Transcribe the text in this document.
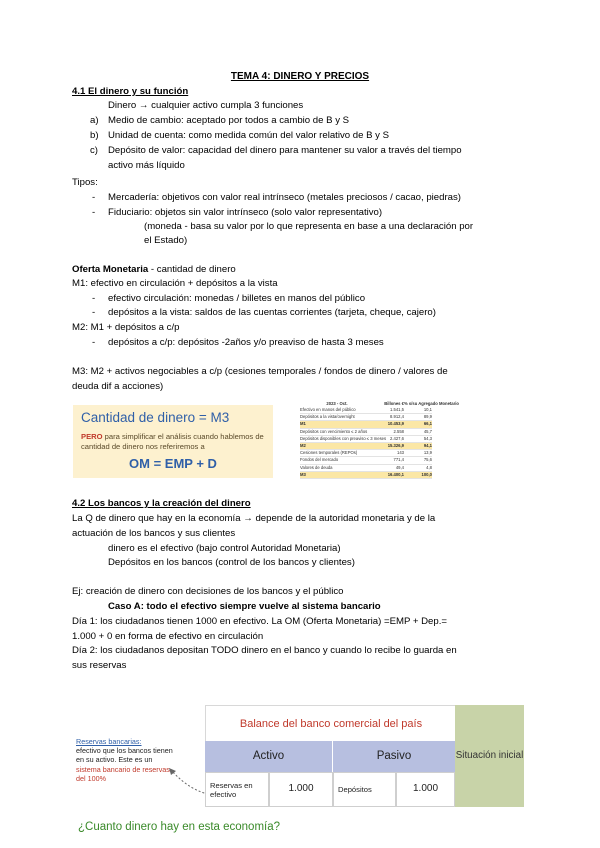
TEMA 4: DINERO Y PRECIOS
4.1 El dinero y su función
Dinero → cualquier activo cumpla 3 funciones
a) Medio de cambio: aceptado por todos a cambio de B y S
b) Unidad de cuenta: como medida común del valor relativo de B y S
c)	Depósito de valor: capacidad del dinero para mantener su valor a través del tiempo
activo más líquido
Tipos:
-	Mercadería: objetivos con valor real intrínseco (metales preciosos / cacao, piedras)
-	Fiduciario: objetos sin valor intrínseco (solo valor representativo)
(moneda - basa su valor por lo que representa en base a una declaración por
el Estado)
Oferta Monetaria - cantidad de dinero
M1: efectivo en circulación + depósitos a la vista
-	efectivo circulación: monedas / billetes en manos del público
-	depósitos a la vista: saldos de las cuentas corrientes (tarjeta, cheque, cajero)
M2: M1 + depósitos a c/p
-	depósitos a c/p: depósitos -2años y/o preaviso de hasta 3 meses
M3: M2 + activos negociables a c/p (cesiones temporales / fondos de dinero / valores de
deuda dif a acciones)
Cantidad de dinero = M3
PERO para simplificar el análisis cuando hablemos de cantidad de dinero nos referiremos a
OM = EMP + D
2023 - Oct.	Billones € % s/su Agregado Monetario
Efectivo en manos del público	1.541,5	10,1
Depósitos a la vista/overnight	8.912,4	89,9
M1	10.453,9	66,1
Depósitos con vencimiento ≤ 2 años	2.558	45,7
Depósitos disponibles con preaviso ≤ 3 meses 2.427,6	54,3
M2	15.326,9	94,1
Cesiones temporales (REPOs)	143	13,9
Fondos del mercado	771,4	75,6
Valores de deuda	49,4	4,8
M3	16.400,1	100,0
4.2 Los bancos y la creación del dinero
La Q de dinero que hay en la economía → depende de la autoridad monetaria y de la
actuación de los bancos y sus clientes
dinero es el efectivo (bajo control Autoridad Monetaria)
Depósitos en los bancos (control de los bancos y clientes)
Ej: creación de dinero con decisiones de los bancos y el público
Caso A: todo el efectivo siempre vuelve al sistema bancario
Día 1: los ciudadanos tienen 1000 en efectivo. La OM (Oferta Monetaria) =EMP + Dep.=
1.000 + 0 en forma de efectivo en circulación
Día 2: los ciudadanos depositan TODO dinero en el banco y cuando lo recibe lo guarda en
sus reservas
Reservas bancarias:
efectivo que los bancos tienen en su activo. Este es un sistema bancario de reservas del 100%
Balance del banco comercial del país
Activo	Pasivo	Situación inicial
Reservas en efectivo	1.000	Depósitos	1.000
¿Cuanto dinero hay en esta economía?
